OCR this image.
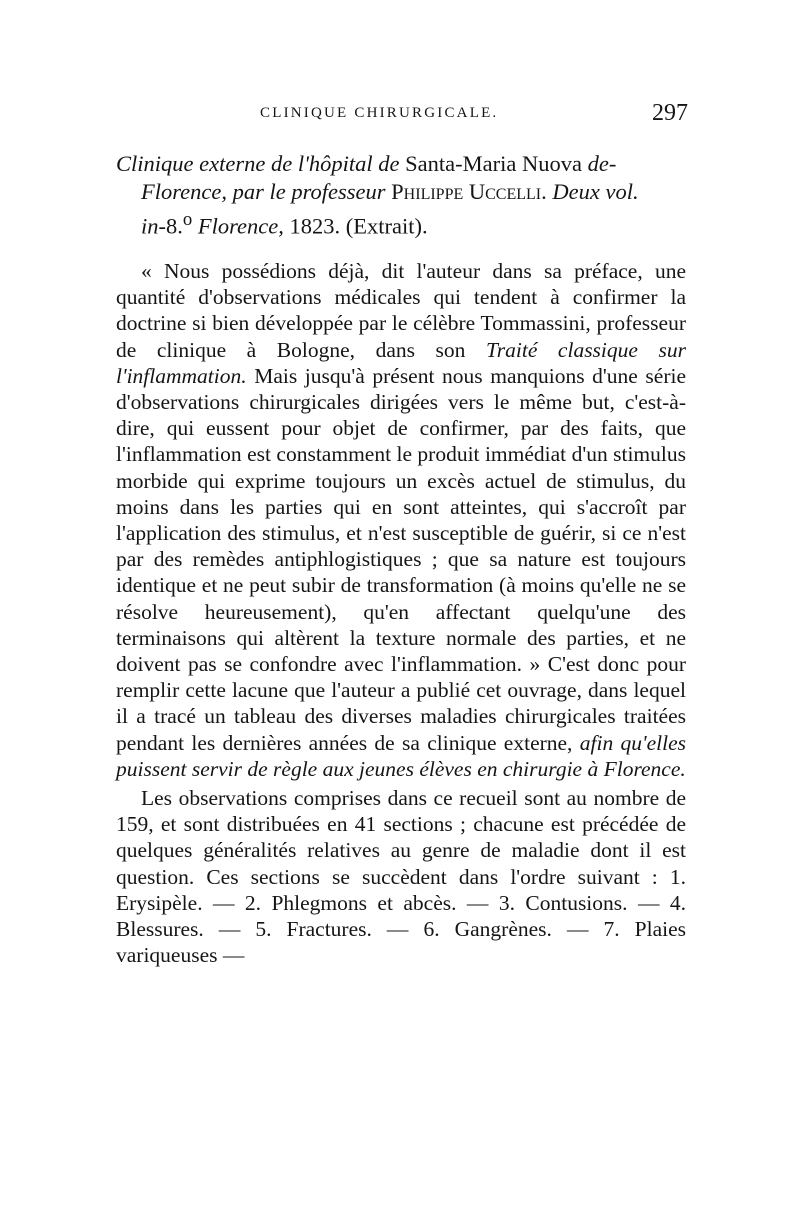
CLINIQUE CHIRURGICALE.	297
Clinique externe de l'hôpital de Santa-Maria Nuova de-
Florence, par le professeur Philippe Uccelli. Deux vol.
in-8.$^o$ Florence, 1823. (Extrait).

« Nous possédions déjà, dit l'auteur dans sa préface, une quantité d'observations médicales qui tendent à confirmer la doctrine si bien développée par le célèbre Tommassini, professeur de clinique à Bologne, dans son Traité classique sur l'inflammation. Mais jusqu'à présent nous manquions d'une série d'observations chirurgicales dirigées vers le même but, c'est-à-dire, qui eussent pour objet de confirmer, par des faits, que l'inflammation est constamment le produit immédiat d'un stimulus morbide qui exprime toujours un excès actuel de stimulus, du moins dans les parties qui en sont atteintes, qui s'accroît par l'application des stimulus, et n'est susceptible de guérir, si ce n'est par des remèdes antiphlogistiques ; que sa nature est toujours identique et ne peut subir de transformation (à moins qu'elle ne se résolve heureusement), qu'en affectant quelqu'une des terminaisons qui altèrent la texture normale des parties, et ne doivent pas se confondre avec l'inflammation. » C'est donc pour remplir cette lacune que l'auteur a publié cet ouvrage, dans lequel il a tracé un tableau des diverses maladies chirurgicales traitées pendant les dernières années de sa clinique externe, afin qu'elles puissent servir de règle aux jeunes élèves en chirurgie à Florence.

Les observations comprises dans ce recueil sont au nombre de 159, et sont distribuées en 41 sections ; chacune est précédée de quelques généralités relatives au genre de maladie dont il est question. Ces sections se succèdent dans l'ordre suivant : 1. Erysipèle. — 2. Phlegmons et abcès. — 3. Contusions. — 4. Blessures. — 5. Fractures. — 6. Gangrènes. — 7. Plaies variqueuses —
